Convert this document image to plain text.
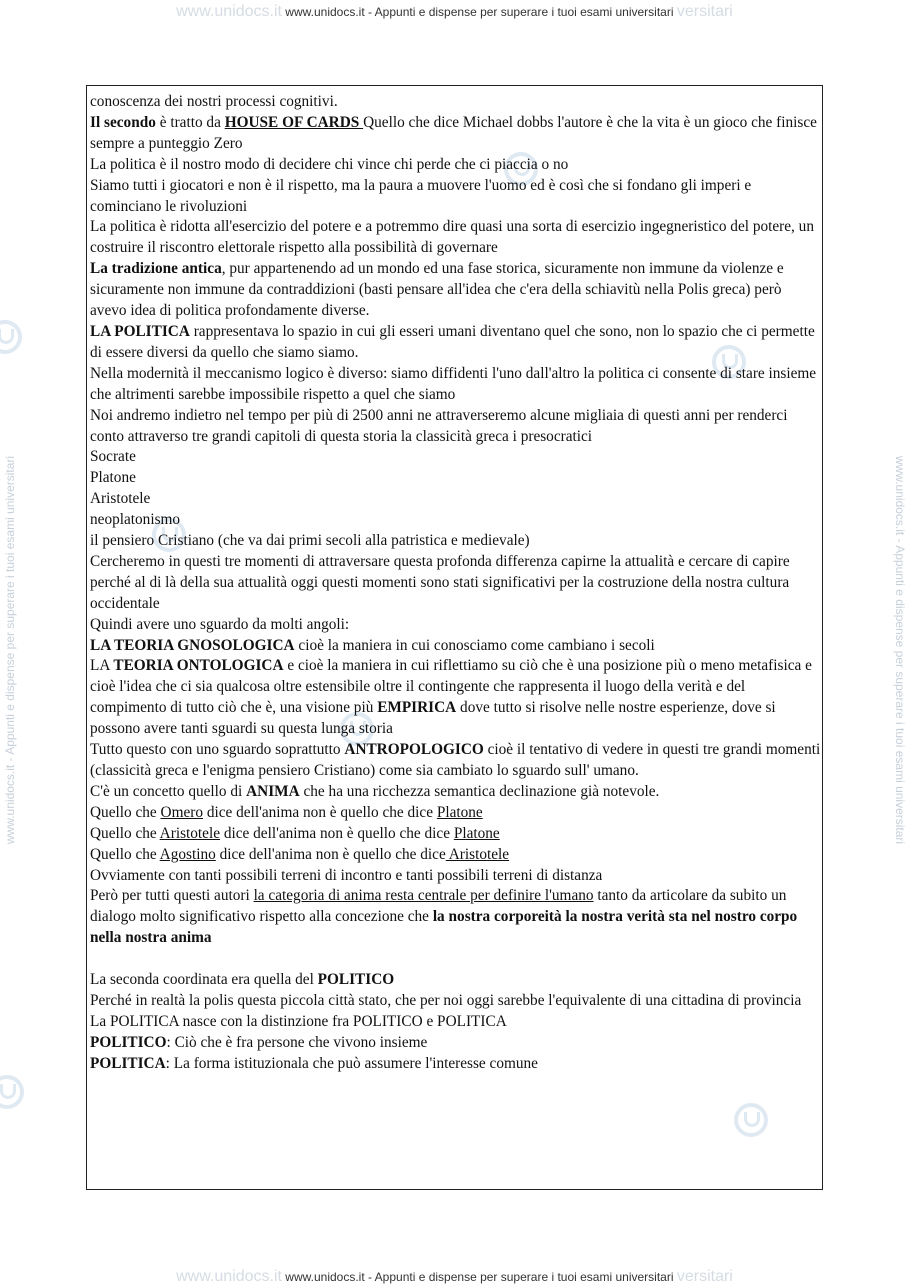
www.unidocs.it www.unidocs.it - Appunti e dispense per superare i tuoi esami universitari versitari
www.unidocs.it - Appunti e dispense per superare i tuoi esami universitari	www.unidocs.it - Appunti e dispense per superare i tuoi esami universitari

conoscenza dei nostri processi cognitivi.

Il secondo è tratto da HOUSE OF CARDS Quello che dice Michael dobbs l'autore è che la vita è un gioco che finisce sempre a punteggio Zero

La politica è il nostro modo di decidere chi vince chi perde che ci piaccia o no

Siamo tutti i giocatori e non è il rispetto, ma la paura a muovere l'uomo ed è così che si fondano gli imperi e cominciano le rivoluzioni

La politica è ridotta all'esercizio del potere e a potremmo dire quasi una sorta di esercizio ingegneristico del potere, un costruire il riscontro elettorale rispetto alla possibilità di governare

La tradizione antica, pur appartenendo ad un mondo ed una fase storica, sicuramente non immune da violenze e sicuramente non immune da contraddizioni (basti pensare all'idea che c'era della schiavitù nella Polis greca) però avevo idea di politica profondamente diverse.

LA POLITICA rappresentava lo spazio in cui gli esseri umani diventano quel che sono, non lo spazio che ci permette di essere diversi da quello che siamo siamo.

Nella modernità il meccanismo logico è diverso: siamo diffidenti l'uno dall'altro la politica ci consente di stare insieme che altrimenti sarebbe impossibile rispetto a quel che siamo

Noi andremo indietro nel tempo per più di 2500 anni ne attraverseremo alcune migliaia di questi anni per renderci conto attraverso tre grandi capitoli di questa storia la classicità greca i presocratici

Socrate

Platone

Aristotele

neoplatonismo

il pensiero Cristiano (che va dai primi secoli alla patristica e medievale)

Cercheremo in questi tre momenti di attraversare questa profonda differenza capirne la attualità e cercare di capire perché al di là della sua attualità oggi questi momenti sono stati significativi per la costruzione della nostra cultura occidentale

Quindi avere uno sguardo da molti angoli:

LA TEORIA GNOSOLOGICA cioè la maniera in cui conosciamo come cambiano i secoli

LA TEORIA ONTOLOGICA e cioè la maniera in cui riflettiamo su ciò che è una posizione più o meno metafisica e cioè l'idea che ci sia qualcosa oltre estensibile oltre il contingente che rappresenta il luogo della verità e del compimento di tutto ciò che è, una visione più EMPIRICA dove tutto si risolve nelle nostre esperienze, dove si possono avere tanti sguardi su questa lunga storia

Tutto questo con uno sguardo soprattutto ANTROPOLOGICO cioè il tentativo di vedere in questi tre grandi momenti (classicità greca e l'enigma pensiero Cristiano) come sia cambiato lo sguardo sull' umano.

C'è un concetto quello di ANIMA che ha una ricchezza semantica declinazione già notevole.

Quello che Omero dice dell'anima non è quello che dice Platone

Quello che Aristotele dice dell'anima non è quello che dice Platone

Quello che Agostino dice dell'anima non è quello che dice Aristotele

Ovviamente con tanti possibili terreni di incontro e tanti possibili terreni di distanza

Però per tutti questi autori la categoria di anima resta centrale per definire l'umano tanto da articolare da subito un dialogo molto significativo rispetto alla concezione che la nostra corporeità la nostra verità sta nel nostro corpo nella nostra anima

La seconda coordinata era quella del POLITICO

Perché in realtà la polis questa piccola città stato, che per noi oggi sarebbe l'equivalente di una cittadina di provincia

La POLITICA nasce con la distinzione fra POLITICO e POLITICA

POLITICO: Ciò che è fra persone che vivono insieme

POLITICA: La forma istituzionala che può assumere l'interesse comune

www.unidocs.it www.unidocs.it - Appunti e dispense per superare i tuoi esami universitari versitari
